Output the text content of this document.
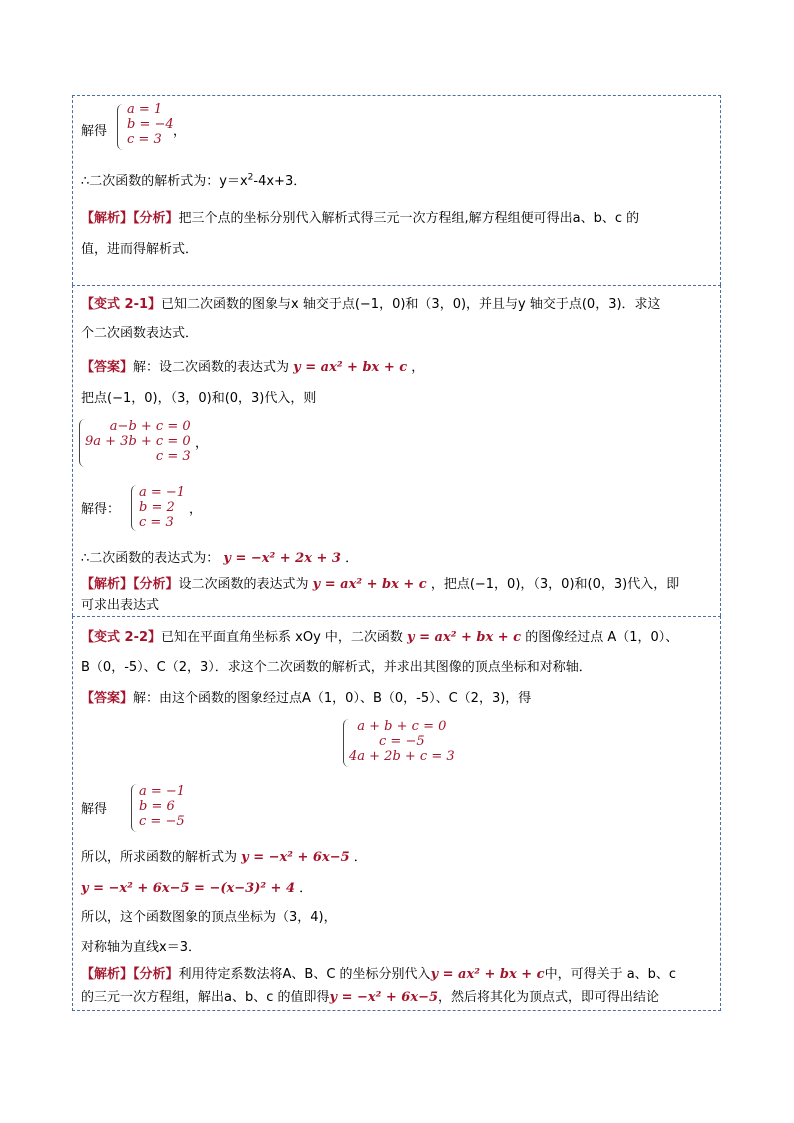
解得
a = 1
b = −4
c = 3
，
∴二次函数的解析式为：$y=x^2-4x+3$．
【解析】【分析】把三个点的坐标分别代入解析式得三元一次方程组,解方程组便可得出a、b、c 的
值，进而得解析式．
【变式 2-1】已知二次函数的图象与x 轴交于点(−1，0)和（3，0)，并且与y 轴交于点(0，3)．求这
个二次函数表达式．
【答案】解：设二次函数的表达式为 y = ax² + bx + c ，
把点(−1，0)，（3，0)和(0，3)代入，则
a−b + c = 0
9a + 3b + c = 0
c = 3
，
解得：
a = −1
b = 2
c = 3
，
∴二次函数的表达式为： y = −x² + 2x + 3 ．
【解析】【分析】设二次函数的表达式为 y = ax² + bx + c ，把点(−1，0)，（3，0)和(0，3)代入，即
可求出表达式
【变式 2-2】已知在平面直角坐标系 xOy 中，二次函数 y = ax² + bx + c 的图像经过点 A（1，0）、
B（0，-5）、C（2，3）．求这个二次函数的解析式，并求出其图像的顶点坐标和对称轴．
【答案】解：由这个函数的图象经过点A（1，0）、B（0，-5）、C（2，3)，得
a + b + c = 0
c = −5
4a + 2b + c = 3
解得
a = −1
b = 6
c = −5
所以，所求函数的解析式为 y = −x² + 6x−5 ．
y = −x² + 6x−5 = −(x−3)² + 4 ．
所以，这个函数图象的顶点坐标为（3，4)，
对称轴为直线x＝3．
【解析】【分析】利用待定系数法将A、B、C 的坐标分别代入y = ax² + bx + c中，可得关于 a、b、c
的三元一次方程组，解出a、b、c 的值即得y = −x² + 6x−5，然后将其化为顶点式，即可得出结论
